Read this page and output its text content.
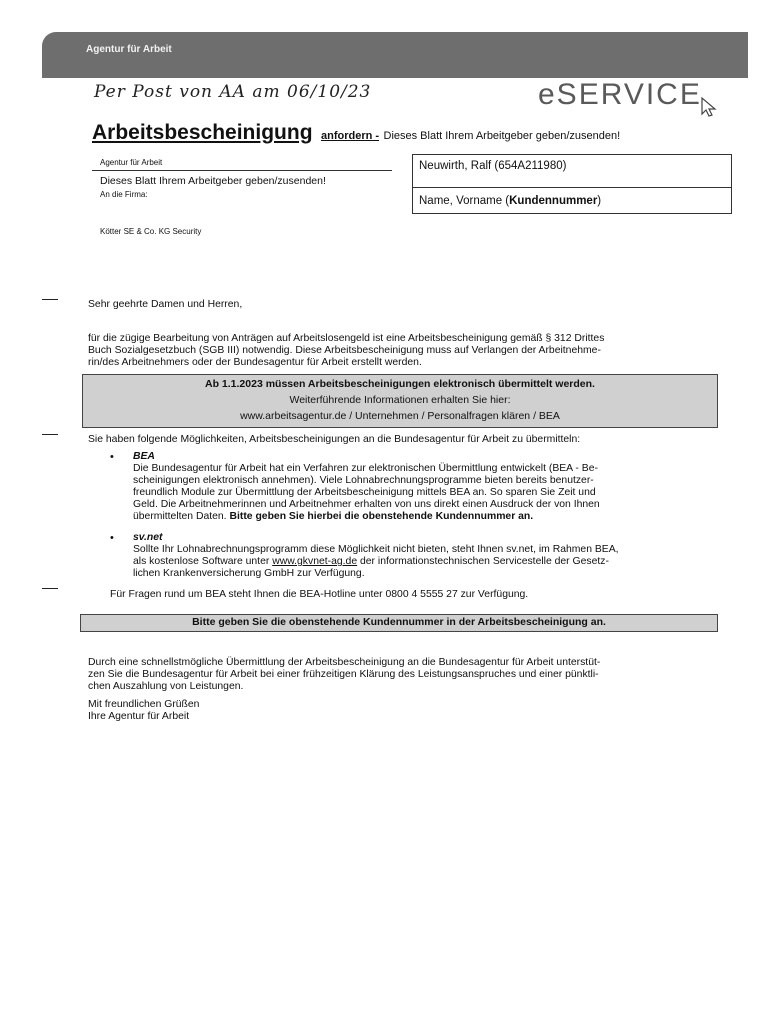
Agentur für Arbeit
Per Post von AA am 06/10/23	eSERVICE
Arbeitsbescheinigung anfordern - Dieses Blatt Ihrem Arbeitgeber geben/zusenden!
Agentur für Arbeit
Dieses Blatt Ihrem Arbeitgeber geben/zusenden!
An die Firma:
Kötter SE & Co. KG Security
Neuwirth, Ralf (654A211980)
Name, Vorname (Kundennummer)
Sehr geehrte Damen und Herren,
für die zügige Bearbeitung von Anträgen auf Arbeitslosengeld ist eine Arbeitsbescheinigung gemäß § 312 Drittes
Buch Sozialgesetzbuch (SGB III) notwendig. Diese Arbeitsbescheinigung muss auf Verlangen der Arbeitnehme-
rin/des Arbeitnehmers oder der Bundesagentur für Arbeit erstellt werden.
Ab 1.1.2023 müssen Arbeitsbescheinigungen elektronisch übermittelt werden.
Weiterführende Informationen erhalten Sie hier:
www.arbeitsagentur.de / Unternehmen / Personalfragen klären / BEA
Sie haben folgende Möglichkeiten, Arbeitsbescheinigungen an die Bundesagentur für Arbeit zu übermitteln:
• BEA
Die Bundesagentur für Arbeit hat ein Verfahren zur elektronischen Übermittlung entwickelt (BEA - Be-
scheinigungen elektronisch annehmen). Viele Lohnabrechnungsprogramme bieten bereits benutzer-
freundlich Module zur Übermittlung der Arbeitsbescheinigung mittels BEA an. So sparen Sie Zeit und
Geld. Die Arbeitnehmerinnen und Arbeitnehmer erhalten von uns direkt einen Ausdruck der von Ihnen
übermittelten Daten. Bitte geben Sie hierbei die obenstehende Kundennummer an.
• sv.net
Sollte Ihr Lohnabrechnungsprogramm diese Möglichkeit nicht bieten, steht Ihnen sv.net, im Rahmen BEA,
als kostenlose Software unter www.gkvnet-ag.de der informationstechnischen Servicestelle der Gesetz-
lichen Krankenversicherung GmbH zur Verfügung.
Für Fragen rund um BEA steht Ihnen die BEA-Hotline unter 0800 4 5555 27 zur Verfügung.
Bitte geben Sie die obenstehende Kundennummer in der Arbeitsbescheinigung an.
Durch eine schnellstmögliche Übermittlung der Arbeitsbescheinigung an die Bundesagentur für Arbeit unterstüt-
zen Sie die Bundesagentur für Arbeit bei einer frühzeitigen Klärung des Leistungsanspruches und einer pünktli-
chen Auszahlung von Leistungen.
Mit freundlichen Grüßen
Ihre Agentur für Arbeit
